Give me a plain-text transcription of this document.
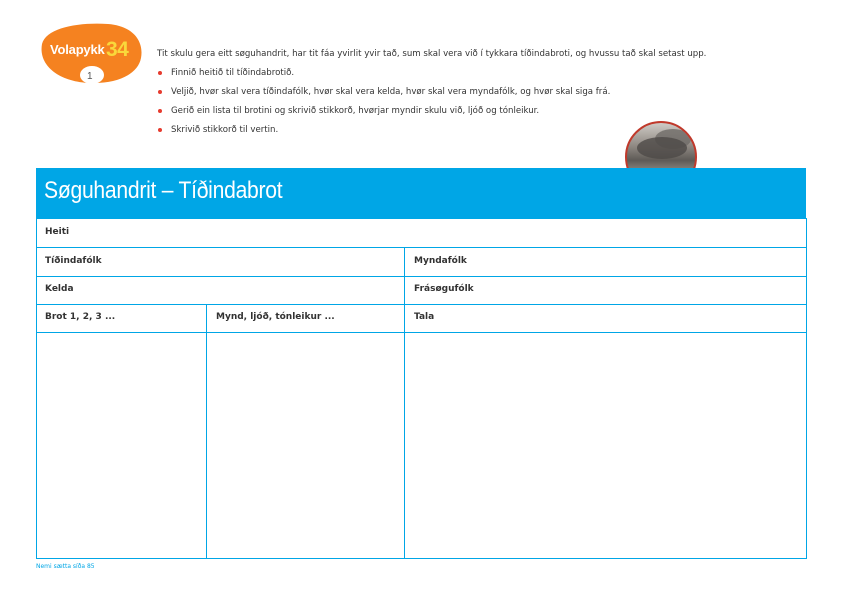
Volapykk 34
1

Tit skulu gera eitt søguhandrit, har tit fáa yvirlit yvir tað, sum skal vera við í tykkara tíðindabroti, og hvussu tað skal setast upp.

Finnið heitið til tíðindabrotið.
Veljið, hvør skal vera tíðindafólk, hvør skal vera kelda, hvør skal vera myndafólk, og hvør skal siga frá.
Gerið ein lista til brotini og skrivið stikkorð, hvørjar myndir skulu við, ljóð og tónleikur.
Skrivið stikkorð til vertin.
Søguhandrit – Tíðindabrot
Heiti
Tíðindafólk	Myndafólk
Kelda	Frásøgufólk
Brot 1, 2, 3 ...	Mynd, ljóð, tónleikur ...	Tala
Nemi sætta síða 85
